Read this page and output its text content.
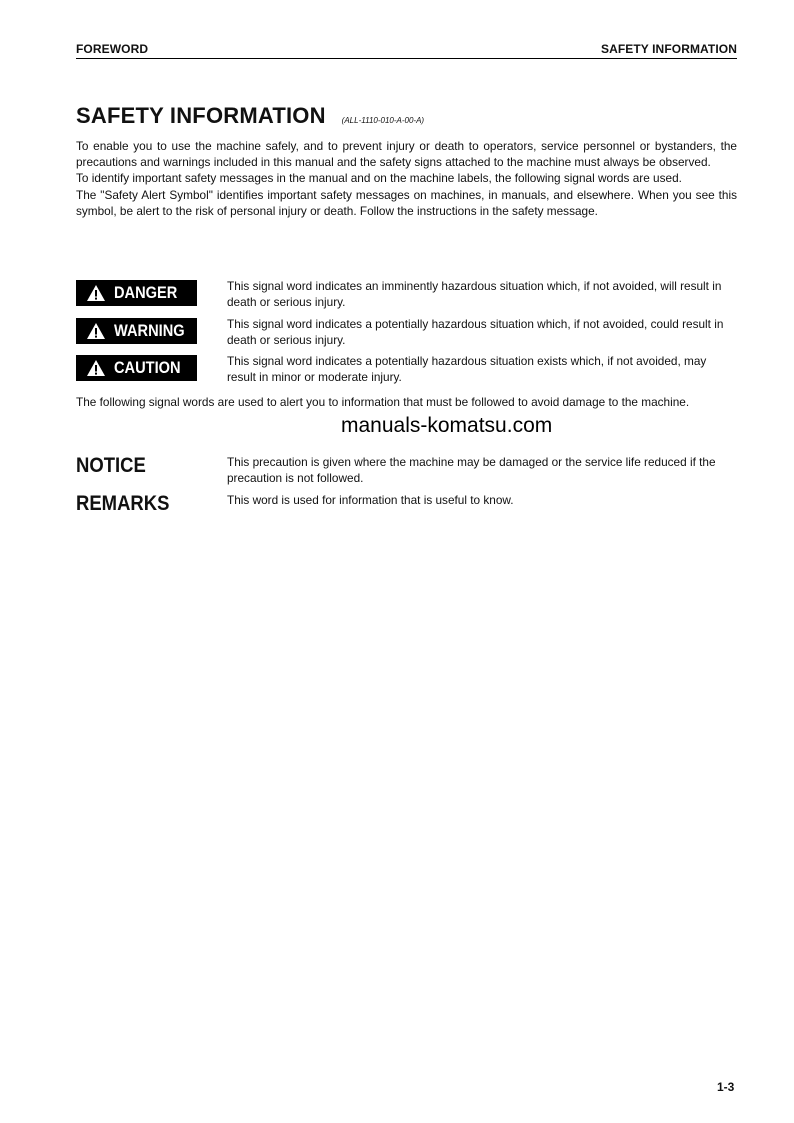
FOREWORD	SAFETY INFORMATION
SAFETY INFORMATION (ALL-1110-010-A-00-A)

To enable you to use the machine safely, and to prevent injury or death to operators, service personnel or bystanders, the precautions and warnings included in this manual and the safety signs attached to the machine must always be observed.

To identify important safety messages in the manual and on the machine labels, the following signal words are used.

The "Safety Alert Symbol" identifies important safety messages on machines, in manuals, and elsewhere. When you see this symbol, be alert to the risk of personal injury or death. Follow the instructions in the safety message.

DANGER	This signal word indicates an imminently hazardous situation which, if not avoided, will result in death or serious injury.
WARNING	This signal word indicates a potentially hazardous situation which, if not avoided, could result in death or serious injury.
CAUTION	This signal word indicates a potentially hazardous situation exists which, if not avoided, may result in minor or moderate injury.

The following signal words are used to alert you to information that must be followed to avoid damage to the machine.

manuals-komatsu.com
NOTICE	This precaution is given where the machine may be damaged or the service life reduced if the precaution is not followed.
REMARKS	This word is used for information that is useful to know.
1-3
